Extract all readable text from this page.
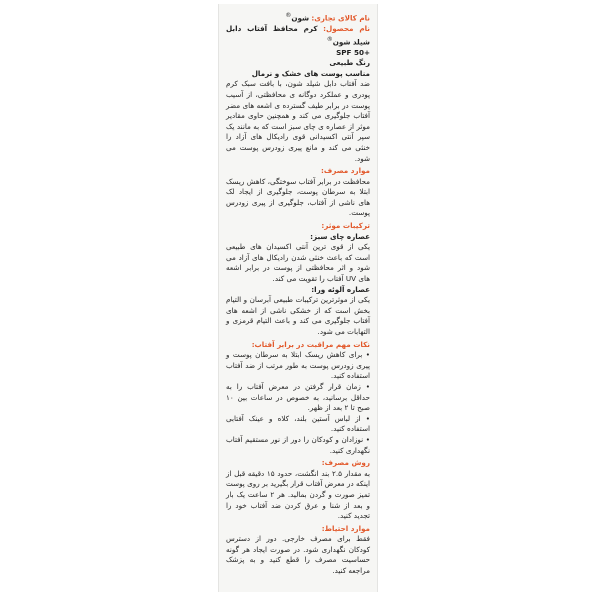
نام کالای تجاری: شون®

نام محصول: کرم محافظ آفتاب دابل شیلد شون®

SPF 50+

رنگ طبیعی

مناسب پوست های خشک و نرمال

ضد آفتاب دابل شیلد شون، با بافت سبک کرم پودری و عملکرد دوگانه ی محافظتی، از آسیب پوست در برابر طیف گسترده ی اشعه های مضر آفتاب جلوگیری می کند و همچنین حاوی مقادیر موثر از عصاره ی چای سبز است که به مانند یک سپر آنتی اکسیدانی قوی رادیکال های آزاد را خنثی می کند و مانع پیری زودرس پوست می شود.

موارد مصرف:

محافظت در برابر آفتاب سوختگی، کاهش ریسک ابتلا به سرطان پوست، جلوگیری از ایجاد لک های ناشی از آفتاب، جلوگیری از پیری زودرس پوست.

ترکیبات موثر:
عصاره چای سبز:

یکی از قوی ترین آنتی اکسیدان های طبیعی است که باعث خنثی شدن رادیکال های آزاد می شود و اثر محافظتی از پوست در برابر اشعه های UV آفتاب را تقویت می کند.

عصاره آلوئه ورا:

یکی از موثرترین ترکیبات طبیعی آبرسان و التیام بخش است که از خشکی ناشی از اشعه های آفتاب جلوگیری می کند و باعث التیام قرمزی و التهابات می شود.

نکات مهم مراقبت در برابر آفتاب:

• برای کاهش ریسک ابتلا به سرطان پوست و پیری زودرس پوست به طور مرتب از ضد آفتاب استفاده کنید.

• زمان قرار گرفتن در معرض آفتاب را به حداقل برسانید، به خصوص در ساعات بین ۱۰ صبح تا ۲ بعد از ظهر.

• از لباس آستین بلند، کلاه و عینک آفتابی استفاده کنید.

• نوزادان و کودکان را دور از نور مستقیم آفتاب نگهداری کنید.

روش مصرف:

به مقدار ۲.۵ بند انگشت، حدود ۱۵ دقیقه قبل از اینکه در معرض آفتاب قرار بگیرید بر روی پوست تمیز صورت و گردن بمالید. هر ۲ ساعت یک بار و بعد از شنا و عرق کردن ضد آفتاب خود را تجدید کنید.

موارد احتیاط:

فقط برای مصرف خارجی. دور از دسترس کودکان نگهداری شود. در صورت ایجاد هر گونه حساسیت مصرف را قطع کنید و به پزشک مراجعه کنید.
